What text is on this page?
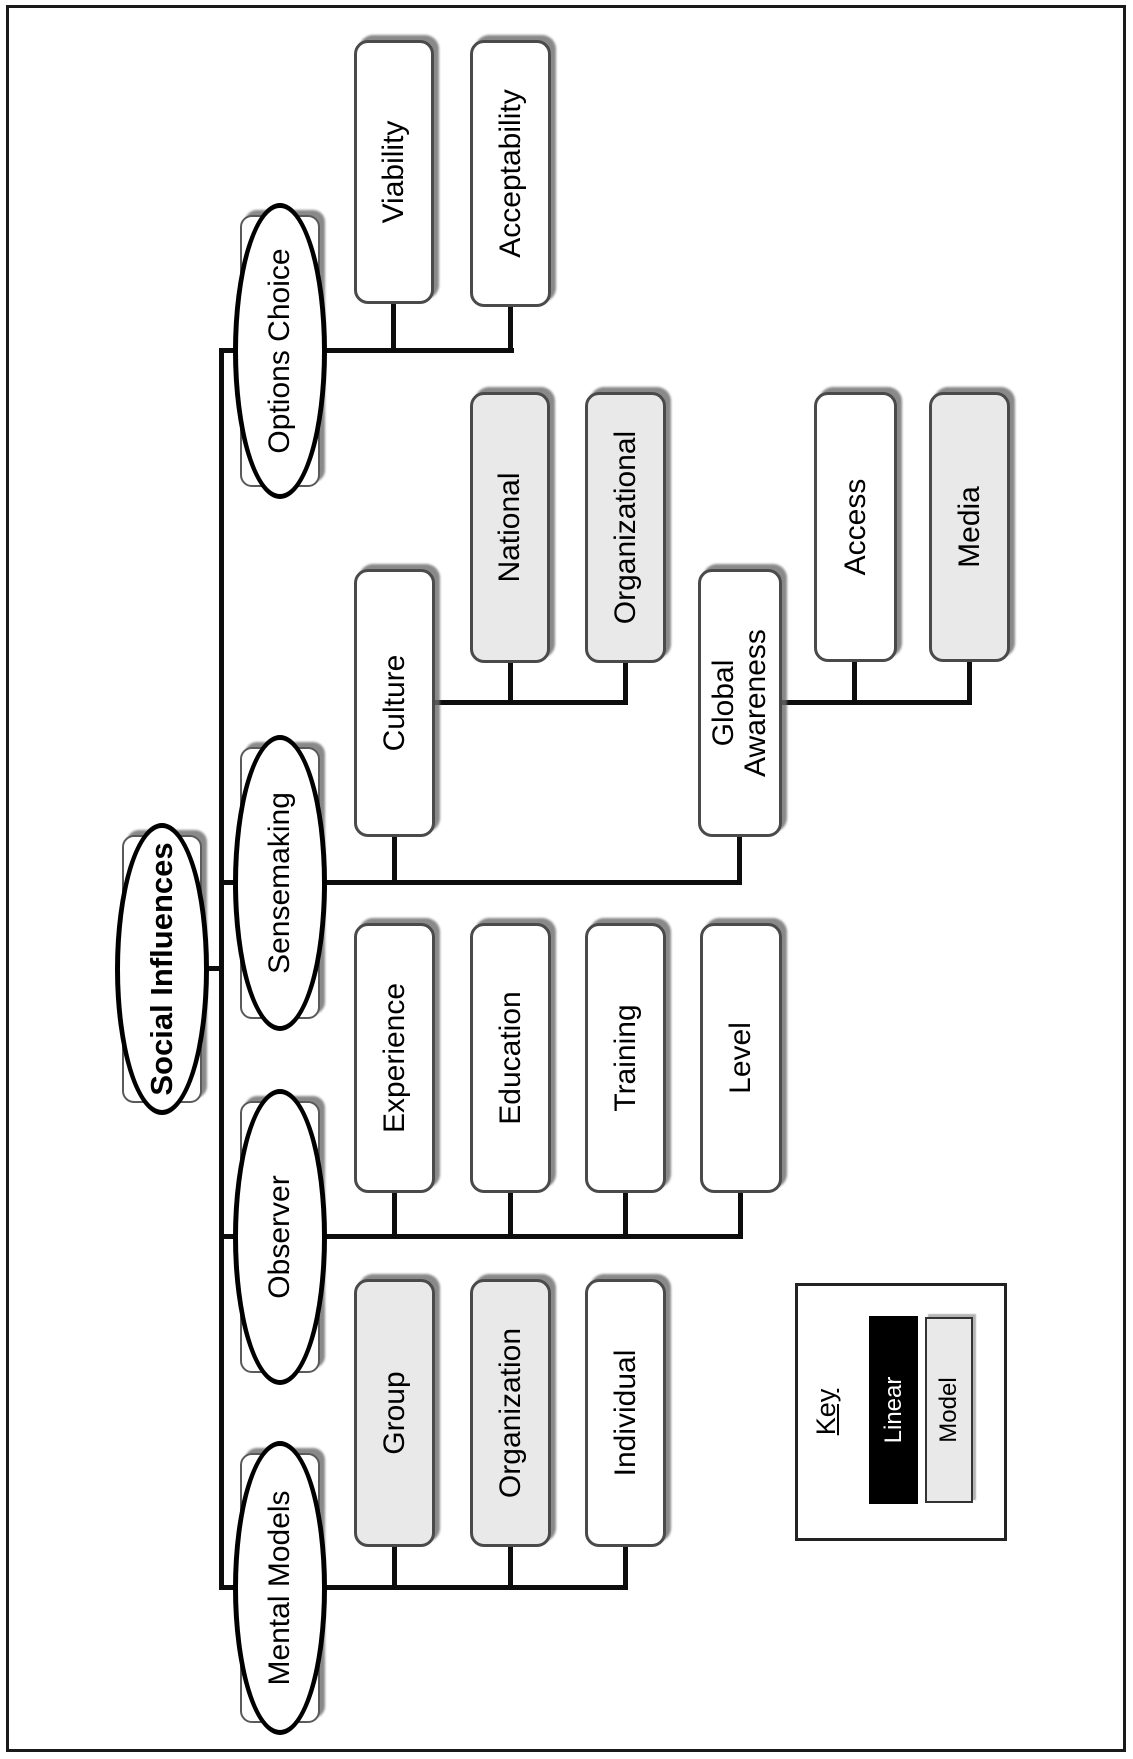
Social Influences
Mental Models
Observer
Sensemaking
Options Choice
Group	Organization	Individual
Experience	Education	Training	Level
Culture	Global Awareness
National	Organizational	Access	Media
Viability	Acceptability
Key	Linear	Model
